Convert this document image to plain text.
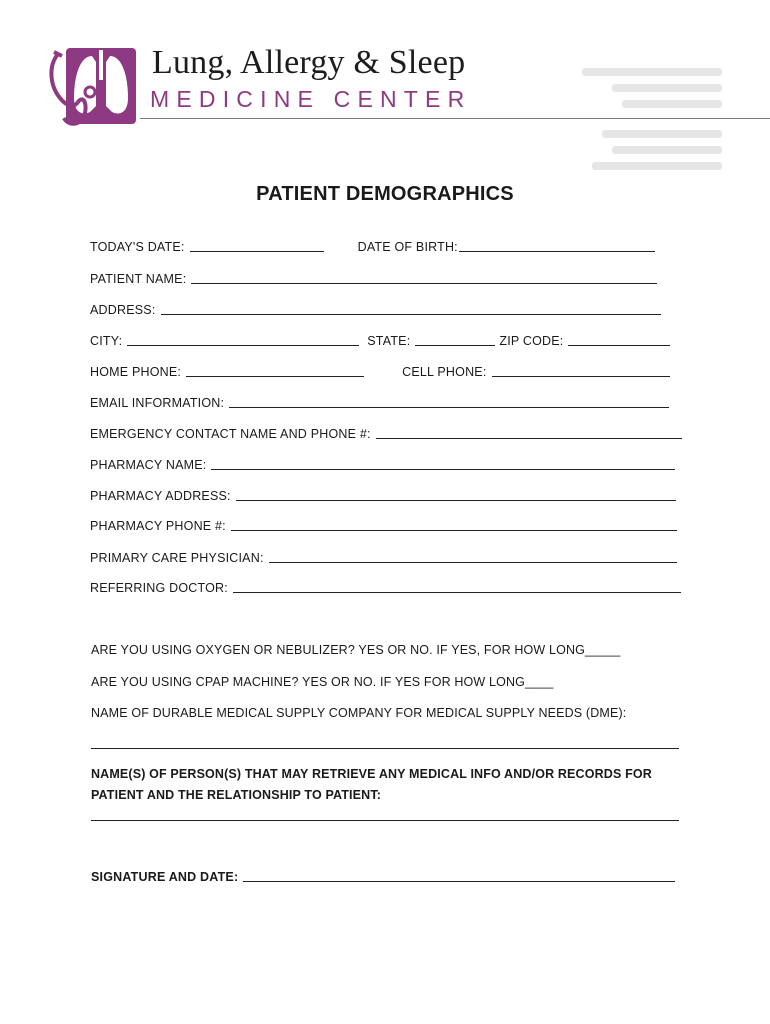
Lung, Allergy & Sleep
MEDICINE CENTER
PATIENT DEMOGRAPHICS
TODAY'S DATE:	DATE OF BIRTH:
PATIENT NAME:
ADDRESS:
CITY:	STATE:	ZIP CODE:
HOME PHONE:	CELL PHONE:
EMAIL INFORMATION:
EMERGENCY CONTACT NAME AND PHONE #:
PHARMACY NAME:
PHARMACY ADDRESS:
PHARMACY PHONE #:
PRIMARY CARE PHYSICIAN:
REFERRING DOCTOR:
ARE YOU USING OXYGEN OR NEBULIZER? YES OR NO. IF YES, FOR HOW LONG_____
ARE YOU USING CPAP MACHINE? YES OR NO. IF YES FOR HOW LONG____
NAME OF DURABLE MEDICAL SUPPLY COMPANY FOR MEDICAL SUPPLY NEEDS (DME):
NAME(S) OF PERSON(S) THAT MAY RETRIEVE ANY MEDICAL INFO AND/OR RECORDS FOR
PATIENT AND THE RELATIONSHIP TO PATIENT:
SIGNATURE AND DATE:
